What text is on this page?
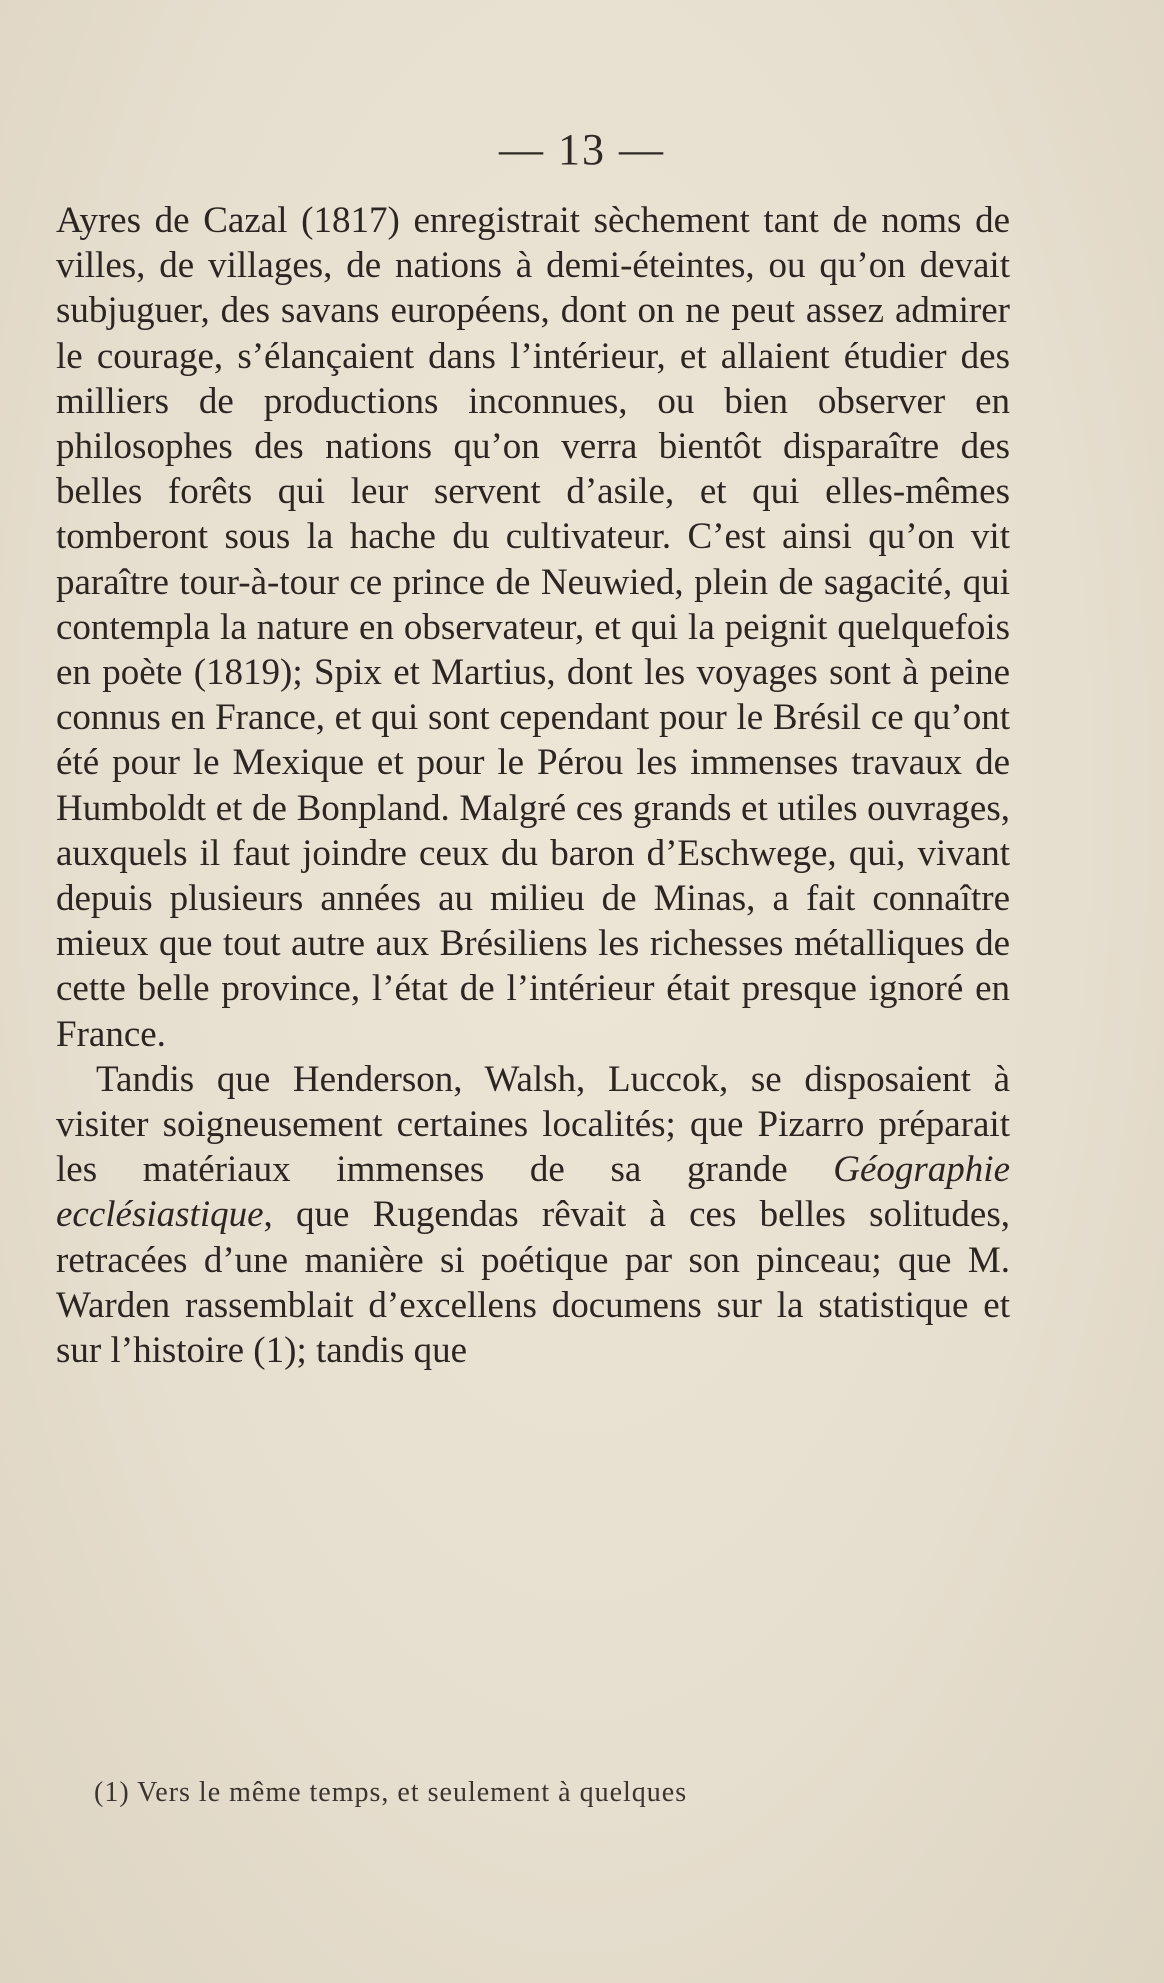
— 13 —

Ayres de Cazal (1817) enregistrait sèchement tant de noms de villes, de villages, de nations à demi-éteintes, ou qu’on devait subjuguer, des savans européens, dont on ne peut assez admirer le courage, s’élançaient dans l’intérieur, et allaient étudier des milliers de productions inconnues, ou bien observer en philosophes des nations qu’on verra bientôt disparaître des belles forêts qui leur servent d’asile, et qui elles-mêmes tomberont sous la hache du cultivateur. C’est ainsi qu’on vit paraître tour-à-tour ce prince de Neuwied, plein de sagacité, qui contempla la nature en observateur, et qui la peignit quelquefois en poète (1819); Spix et Martius, dont les voyages sont à peine connus en France, et qui sont cependant pour le Brésil ce qu’ont été pour le Mexique et pour le Pérou les immenses travaux de Humboldt et de Bonpland. Malgré ces grands et utiles ouvrages, auxquels il faut joindre ceux du baron d’Eschwege, qui, vivant depuis plusieurs années au milieu de Minas, a fait connaître mieux que tout autre aux Brésiliens les richesses métalliques de cette belle province, l’état de l’intérieur était presque ignoré en France.

Tandis que Henderson, Walsh, Luccok, se disposaient à visiter soigneusement certaines localités; que Pizarro préparait les matériaux immenses de sa grande Géographie ecclésiastique, que Rugendas rêvait à ces belles solitudes, retracées d’une manière si poétique par son pinceau; que M. Warden rassemblait d’excellens documens sur la statistique et sur l’histoire (1); tandis que

(1) Vers le même temps, et seulement à quelques
